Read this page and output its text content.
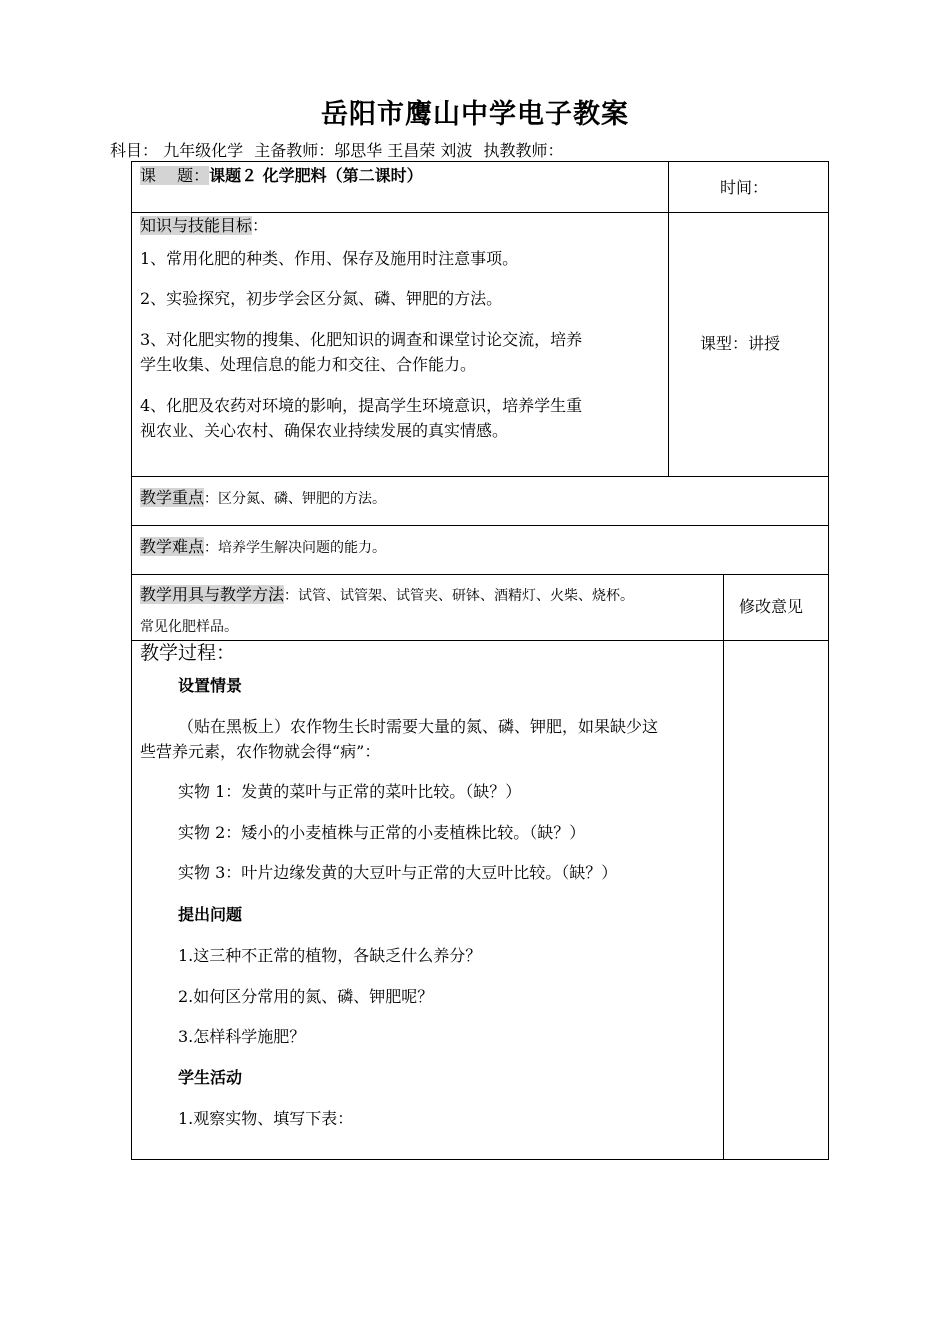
岳阳市鹰山中学电子教案
科目： 九年级化学 主备教师：邬思华 王昌荣 刘波 执教教师：
课　 题：课题２ 化学肥料（第二课时）
时间：
知识与技能目标：
1、常用化肥的种类、作用、保存及施用时注意事项。
2、实验探究，初步学会区分氮、磷、钾肥的方法。
3、对化肥实物的搜集、化肥知识的调查和课堂讨论交流，培养
学生收集、处理信息的能力和交往、合作能力。
4、化肥及农药对环境的影响，提高学生环境意识，培养学生重
视农业、关心农村、确保农业持续发展的真实情感。
课型：讲授
教学重点：区分氮、磷、钾肥的方法。
教学难点：培养学生解决问题的能力。
教学用具与教学方法：试管、试管架、试管夹、研钵、酒精灯、火柴、烧杯。
常见化肥样品。
修改意见
教学过程：
设置情景
（贴在黑板上）农作物生长时需要大量的氮、磷、钾肥，如果缺少这
些营养元素，农作物就会得“病”：
实物 1：发黄的菜叶与正常的菜叶比较。（缺？）
实物 2：矮小的小麦植株与正常的小麦植株比较。（缺？）
实物 3：叶片边缘发黄的大豆叶与正常的大豆叶比较。（缺？）
提出问题
1.这三种不正常的植物，各缺乏什么养分？
2.如何区分常用的氮、磷、钾肥呢？
3.怎样科学施肥？
学生活动
1.观察实物、填写下表：
